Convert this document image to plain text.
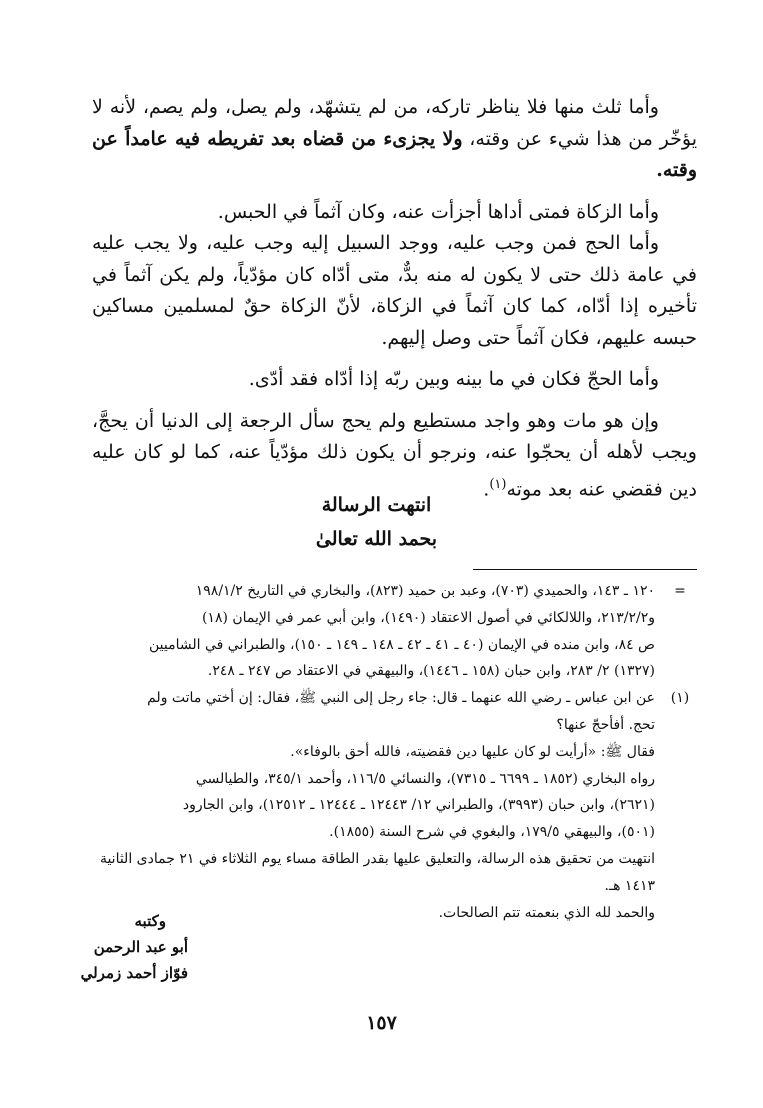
وأما ثلث منها فلا يناظر تاركه، من لم يتشهّد، ولم يصل، ولم يصم، لأنه لا يؤخّر من هذا شيء عن وقته، ولا يجزىء من قضاه بعد تفريطه فيه عامداً عن وقته.

وأما الزكاة فمتى أداها أجزأت عنه، وكان آثماً في الحبس.

وأما الحج فمن وجب عليه، ووجد السبيل إليه وجب عليه، ولا يجب عليه في عامة ذلك حتى لا يكون له منه بدٌّ، متى أدّاه كان مؤدّياً، ولم يكن آثماً في تأخيره إذا أدّاه، كما كان آثماً في الزكاة، لأنّ الزكاة حقٌ لمسلمين مساكين حبسه عليهم، فكان آثماً حتى وصل إليهم.

وأما الحجّ فكان في ما بينه وبين ربّه إذا أدّاه فقد أدّى.

وإن هو مات وهو واجد مستطيع ولم يحج سأل الرجعة إلى الدنيا أن يحجَّ، ويجب لأهله أن يحجّوا عنه، ونرجو أن يكون ذلك مؤدّياً عنه، كما لو كان عليه دين فقضي عنه بعد موته$^{(١)}$.

انتهت الرسالة
بحمد الله تعالىٰ
=
١٢٠ ـ ١٤٣، والحميدي (٧٠٣)، وعبد بن حميد (٨٢٣)، والبخاري في التاريخ ١٩٨/١/٢
و٢١٣/٢/٢، واللالكائي في أصول الاعتقاد (١٤٩٠)، وابن أبي عمر في الإيمان (١٨)
ص ٨٤، وابن منده في الإيمان (٤٠ ـ ٤١ ـ ٤٢ ـ ١٤٨ ـ ١٤٩ ـ ١٥٠)، والطبراني في الشاميين
(١٣٢٧) ٢/ ٢٨٣، وابن حبان (١٥٨ ـ ١٤٤٦)، والبيهقي في الاعتقاد ص ٢٤٧ ـ ٢٤٨.
(١)
عن ابن عباس ـ رضي الله عنهما ـ قال: جاء رجل إلى النبي ﷺ، فقال: إن أختي ماتت ولم
تحج. أفأحجّ عنها؟
فقال ﷺ: «أرأيت لو كان عليها دين فقضيته، فالله أحق بالوفاء».
رواه البخاري (١٨٥٢ ـ ٦٦٩٩ ـ ٧٣١٥)، والنسائي ١١٦/٥، وأحمد ٣٤٥/١، والطيالسي
(٢٦٢١)، وابن حبان (٣٩٩٣)، والطبراني ١٢/ ١٢٤٤٣ ـ ١٢٤٤٤ ـ ١٢٥١٢)، وابن الجارود
(٥٠١)، والبيهقي ١٧٩/٥، والبغوي في شرح السنة (١٨٥٥).
انتهيت من تحقيق هذه الرسالة، والتعليق عليها بقدر الطاقة مساء يوم الثلاثاء في ٢١ جمادى الثانية
١٤١٣ هـ.
والحمد لله الذي بنعمته تتم الصالحات.
وكتبه
أبو عبد الرحمن
فوّاز أحمد زمرلي
١٥٧
